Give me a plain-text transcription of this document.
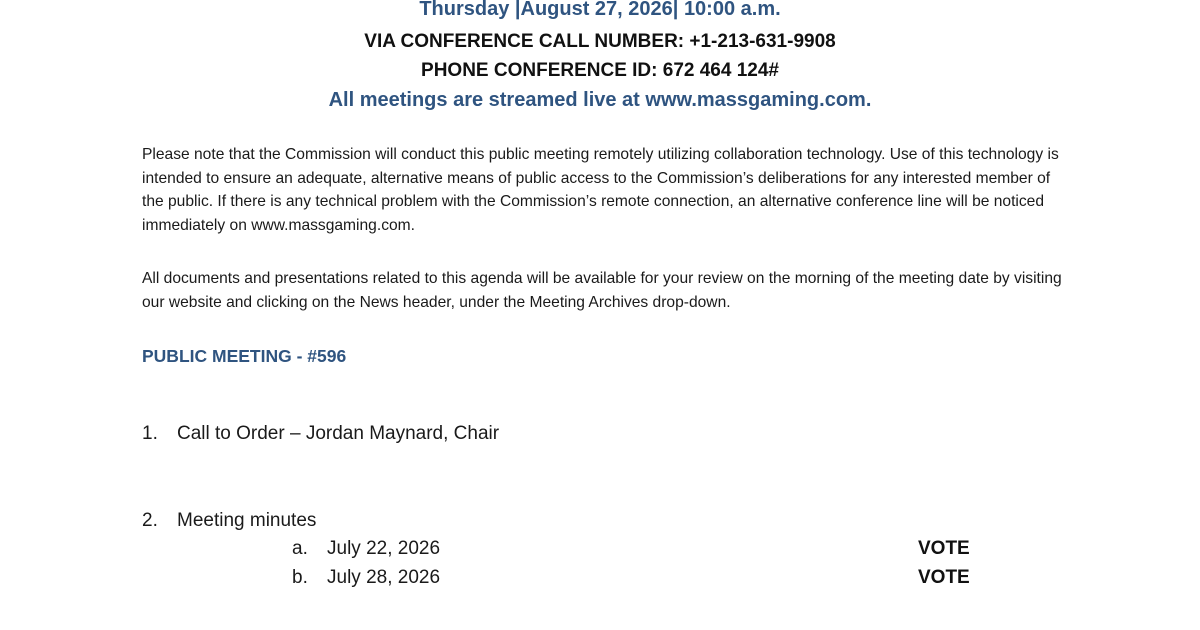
Thursday |August 27, 2026| 10:00 a.m.
VIA CONFERENCE CALL NUMBER: +1-213-631-9908
PHONE CONFERENCE ID: 672 464 124#
All meetings are streamed live at www.massgaming.com.
Please note that the Commission will conduct this public meeting remotely utilizing collaboration technology. Use of this technology is intended to ensure an adequate, alternative means of public access to the Commission’s deliberations for any interested member of the public. If there is any technical problem with the Commission’s remote connection, an alternative conference line will be noticed immediately on www.massgaming.com.
All documents and presentations related to this agenda will be available for your review on the morning of the meeting date by visiting our website and clicking on the News header, under the Meeting Archives drop-down.
PUBLIC MEETING - #596
1. Call to Order – Jordan Maynard, Chair
2. Meeting minutes
a. July 22, 2026	VOTE
b. July 28, 2026	VOTE
